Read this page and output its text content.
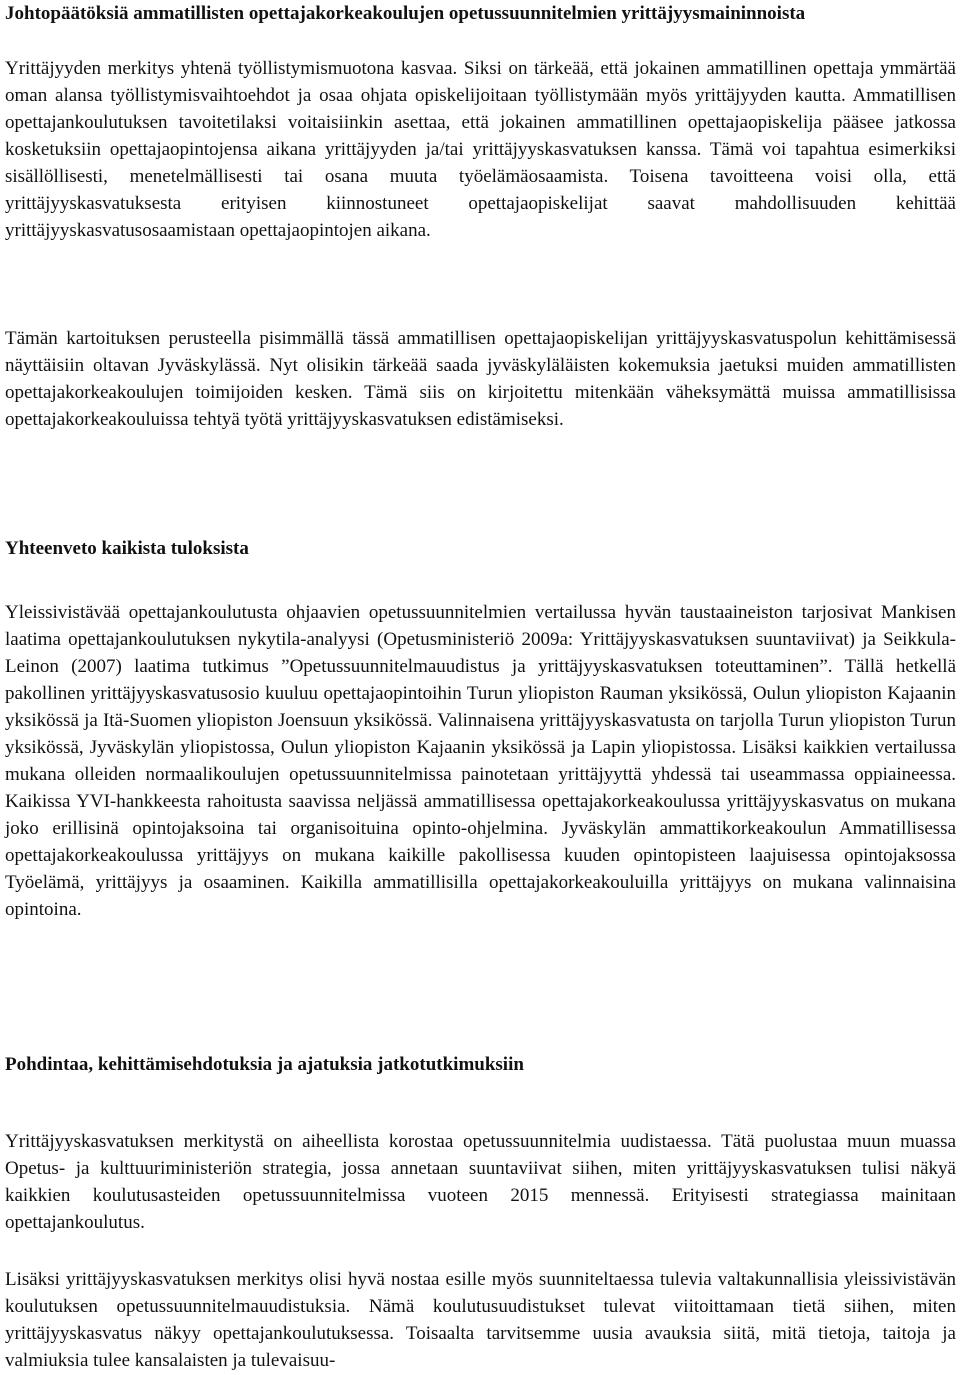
Johtopäätöksiä ammatillisten opettajakorkeakoulujen opetussuunnitelmien yrittäjyysmaininnoista

Yrittäjyyden merkitys yhtenä työllistymismuotona kasvaa. Siksi on tärkeää, että jokainen ammatillinen opettaja ymmärtää oman alansa työllistymisvaihtoehdot ja osaa ohjata opiskelijoitaan työllistymään myös yrittäjyyden kautta. Ammatillisen opettajankoulutuksen tavoitetilaksi voitaisiinkin asettaa, että jokainen ammatillinen opettajaopiskelija pääsee jatkossa kosketuksiin opettajaopintojensa aikana yrittäjyyden ja/tai yrittäjyyskasvatuksen kanssa. Tämä voi tapahtua esimerkiksi sisällöllisesti, menetelmällisesti tai osana muuta työelämäosaamista. Toisena tavoitteena voisi olla, että yrittäjyyskasvatuksesta erityisen kiinnostuneet opettajaopiskelijat saavat mahdollisuuden kehittää yrittäjyyskasvatusosaamistaan opettajaopintojen aikana.

Tämän kartoituksen perusteella pisimmällä tässä ammatillisen opettajaopiskelijan yrittäjyyskasvatuspolun kehittämisessä näyttäisiin oltavan Jyväskylässä. Nyt olisikin tärkeää saada jyväskyläläisten kokemuksia jaetuksi muiden ammatillisten opettajakorkeakoulujen toimijoiden kesken. Tämä siis on kirjoitettu mitenkään väheksymättä muissa ammatillisissa opettajakorkeakouluissa tehtyä työtä yrittäjyyskasvatuksen edistämiseksi.

Yhteenveto kaikista tuloksista

Yleissivistävää opettajankoulutusta ohjaavien opetussuunnitelmien vertailussa hyvän taustaaineiston tarjosivat Mankisen laatima opettajankoulutuksen nykytila-analyysi (Opetusministeriö 2009a: Yrittäjyyskasvatuksen suuntaviivat) ja Seikkula-Leinon (2007) laatima tutkimus ”Opetussuunnitelmauudistus ja yrittäjyyskasvatuksen toteuttaminen”. Tällä hetkellä pakollinen yrittäjyyskasvatusosio kuuluu opettajaopintoihin Turun yliopiston Rauman yksikössä, Oulun yliopiston Kajaanin yksikössä ja Itä-Suomen yliopiston Joensuun yksikössä. Valinnaisena yrittäjyyskasvatusta on tarjolla Turun yliopiston Turun yksikössä, Jyväskylän yliopistossa, Oulun yliopiston Kajaanin yksikössä ja Lapin yliopistossa. Lisäksi kaikkien vertailussa mukana olleiden normaalikoulujen opetussuunnitelmissa painotetaan yrittäjyyttä yhdessä tai useammassa oppiaineessa. Kaikissa YVI-hankkeesta rahoitusta saavissa neljässä ammatillisessa opettajakorkeakoulussa yrittäjyyskasvatus on mukana joko erillisinä opintojaksoina tai organisoituina opinto-ohjelmina. Jyväskylän ammattikorkeakoulun Ammatillisessa opettajakorkeakoulussa yrittäjyys on mukana kaikille pakollisessa kuuden opintopisteen laajuisessa opintojaksossa Työelämä, yrittäjyys ja osaaminen. Kaikilla ammatillisilla opettajakorkeakouluilla yrittäjyys on mukana valinnaisina opintoina.

Pohdintaa, kehittämisehdotuksia ja ajatuksia jatkotutkimuksiin

Yrittäjyyskasvatuksen merkitystä on aiheellista korostaa opetussuunnitelmia uudistaessa. Tätä puolustaa muun muassa Opetus- ja kulttuuriministeriön strategia, jossa annetaan suuntaviivat siihen, miten yrittäjyyskasvatuksen tulisi näkyä kaikkien koulutusasteiden opetussuunnitelmissa vuoteen 2015 mennessä. Erityisesti strategiassa mainitaan opettajankoulutus.

Lisäksi yrittäjyyskasvatuksen merkitys olisi hyvä nostaa esille myös suunniteltaessa tulevia valtakunnallisia yleissivistävän koulutuksen opetussuunnitelmauudistuksia. Nämä koulutusuudistukset tulevat viitoittamaan tietä siihen, miten yrittäjyyskasvatus näkyy opettajankoulutuksessa. Toisaalta tarvitsemme uusia avauksia siitä, mitä tietoja, taitoja ja valmiuksia tulee kansalaisten ja tulevaisuu-
